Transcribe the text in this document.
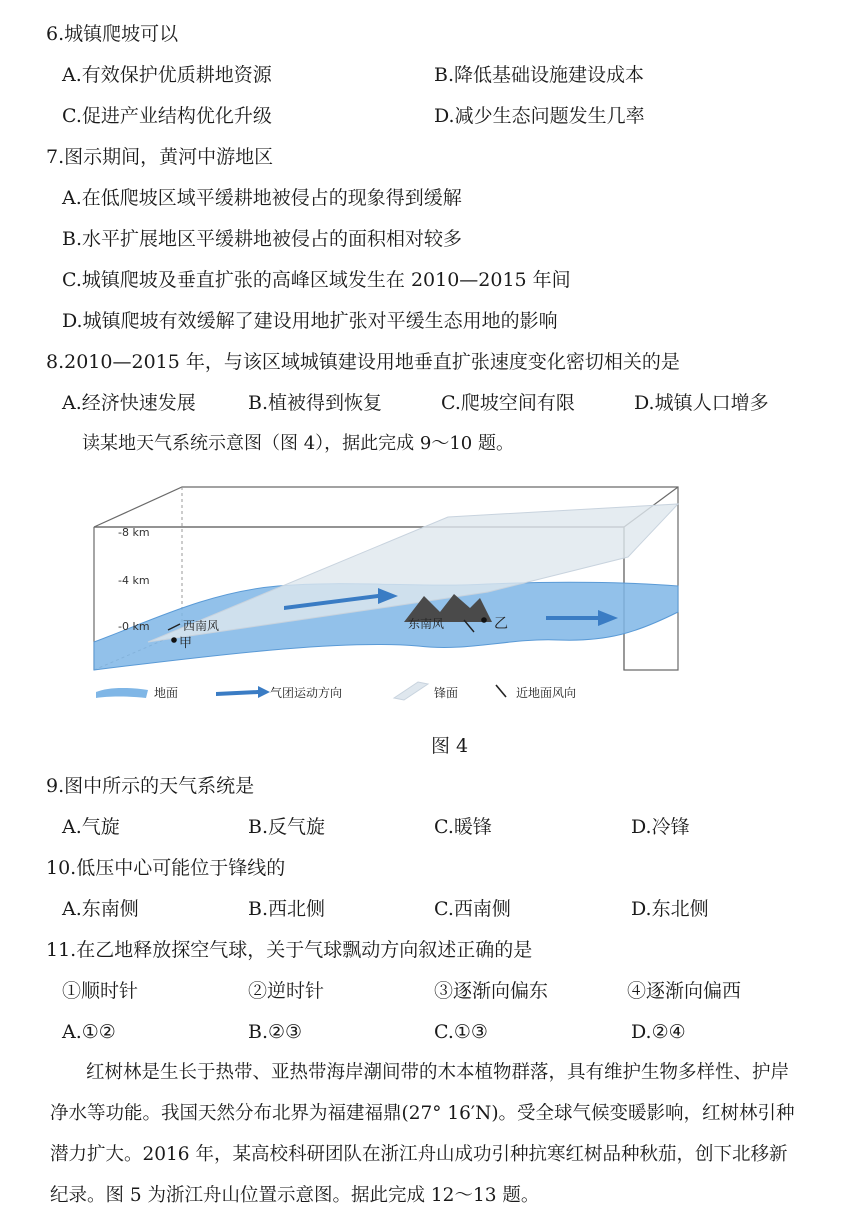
6.城镇爬坡可以
A.有效保护优质耕地资源	B.降低基础设施建设成本
C.促进产业结构优化升级	D.减少生态问题发生几率
7.图示期间，黄河中游地区
A.在低爬坡区域平缓耕地被侵占的现象得到缓解
B.水平扩展地区平缓耕地被侵占的面积相对较多
C.城镇爬坡及垂直扩张的高峰区域发生在 2010—2015 年间
D.城镇爬坡有效缓解了建设用地扩张对平缓生态用地的影响
8.2010—2015 年，与该区域城镇建设用地垂直扩张速度变化密切相关的是
A.经济快速发展	B.植被得到恢复	C.爬坡空间有限	D.城镇人口增多
读某地天气系统示意图（图 4），据此完成 9～10 题。
-8 km
-4 km
-0 km	西南风
甲
东南风	乙
地面	气团运动方向	锋面	近地面风向
图 4
9.图中所示的天气系统是
A.气旋	B.反气旋	C.暖锋	D.冷锋
10.低压中心可能位于锋线的
A.东南侧	B.西北侧	C.西南侧	D.东北侧
11.在乙地释放探空气球，关于气球飘动方向叙述正确的是
①顺时针	②逆时针	③逐渐向偏东	④逐渐向偏西
A.①②	B.②③	C.①③	D.②④
红树林是生长于热带、亚热带海岸潮间带的木本植物群落，具有维护生物多样性、护岸
净水等功能。我国天然分布北界为福建福鼎(27° 16′N)。受全球气候变暖影响，红树林引种
潜力扩大。2016 年，某高校科研团队在浙江舟山成功引种抗寒红树品种秋茄，创下北移新
纪录。图 5 为浙江舟山位置示意图。据此完成 12～13 题。
